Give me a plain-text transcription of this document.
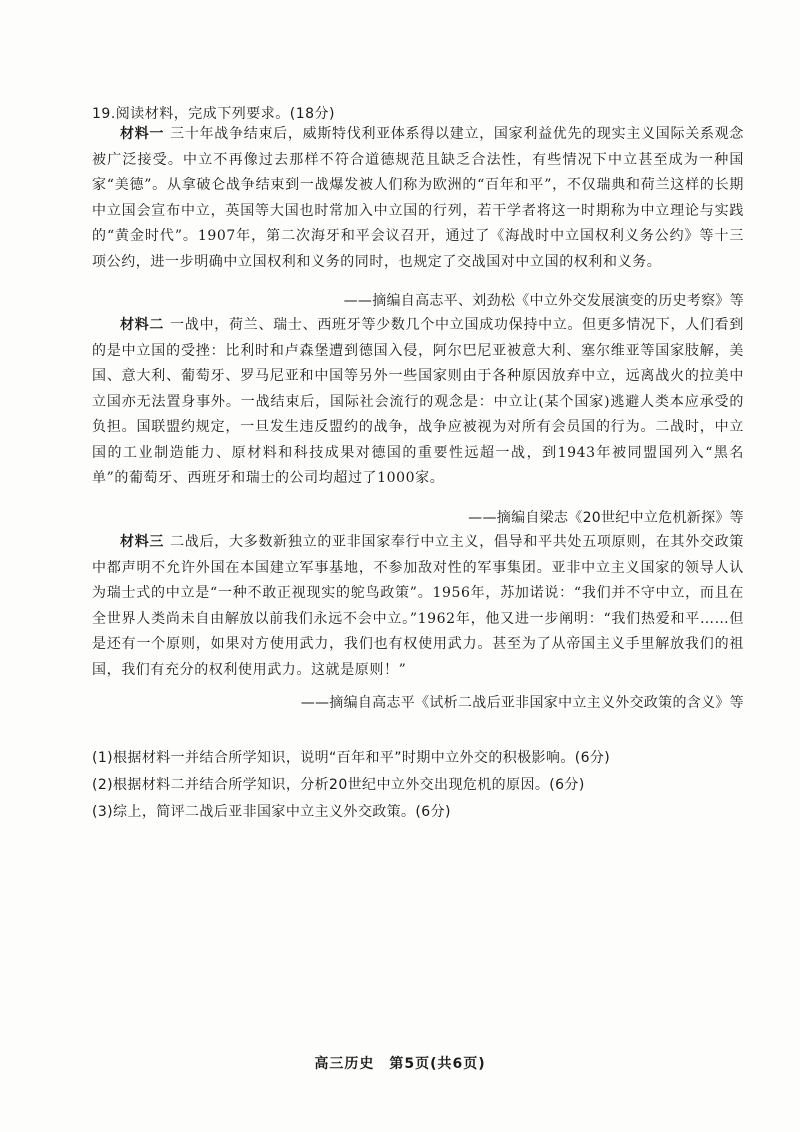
19.阅读材料，完成下列要求。(18分)
材料一 三十年战争结束后，威斯特伐利亚体系得以建立，国家利益优先的现实主义国际关系观念被广泛接受。中立不再像过去那样不符合道德规范且缺乏合法性，有些情况下中立甚至成为一种国家“美德”。从拿破仑战争结束到一战爆发被人们称为欧洲的“百年和平”，不仅瑞典和荷兰这样的长期中立国会宣布中立，英国等大国也时常加入中立国的行列，若干学者将这一时期称为中立理论与实践的“黄金时代”。1907年，第二次海牙和平会议召开，通过了《海战时中立国权利义务公约》等十三项公约，进一步明确中立国权利和义务的同时，也规定了交战国对中立国的权利和义务。
——摘编自高志平、刘劲松《中立外交发展演变的历史考察》等
材料二 一战中，荷兰、瑞士、西班牙等少数几个中立国成功保持中立。但更多情况下，人们看到的是中立国的受挫：比利时和卢森堡遭到德国入侵，阿尔巴尼亚被意大利、塞尔维亚等国家肢解，美国、意大利、葡萄牙、罗马尼亚和中国等另外一些国家则由于各种原因放弃中立，远离战火的拉美中立国亦无法置身事外。一战结束后，国际社会流行的观念是：中立让(某个国家)逃避人类本应承受的负担。国联盟约规定，一旦发生违反盟约的战争，战争应被视为对所有会员国的行为。二战时，中立国的工业制造能力、原材料和科技成果对德国的重要性远超一战，到1943年被同盟国列入“黑名单”的葡萄牙、西班牙和瑞士的公司均超过了1000家。
——摘编自梁志《20世纪中立危机新探》等
材料三 二战后，大多数新独立的亚非国家奉行中立主义，倡导和平共处五项原则，在其外交政策中都声明不允许外国在本国建立军事基地，不参加敌对性的军事集团。亚非中立主义国家的领导人认为瑞士式的中立是“一种不敢正视现实的鸵鸟政策”。1956年，苏加诺说：“我们并不守中立，而且在全世界人类尚未自由解放以前我们永远不会中立。”1962年，他又进一步阐明：“我们热爱和平……但是还有一个原则，如果对方使用武力，我们也有权使用武力。甚至为了从帝国主义手里解放我们的祖国，我们有充分的权利使用武力。这就是原则！”
——摘编自高志平《试析二战后亚非国家中立主义外交政策的含义》等
(1)根据材料一并结合所学知识，说明“百年和平”时期中立外交的积极影响。(6分)
(2)根据材料二并结合所学知识，分析20世纪中立外交出现危机的原因。(6分)
(3)综上，简评二战后亚非国家中立主义外交政策。(6分)
高三历史　第5页(共6页)
